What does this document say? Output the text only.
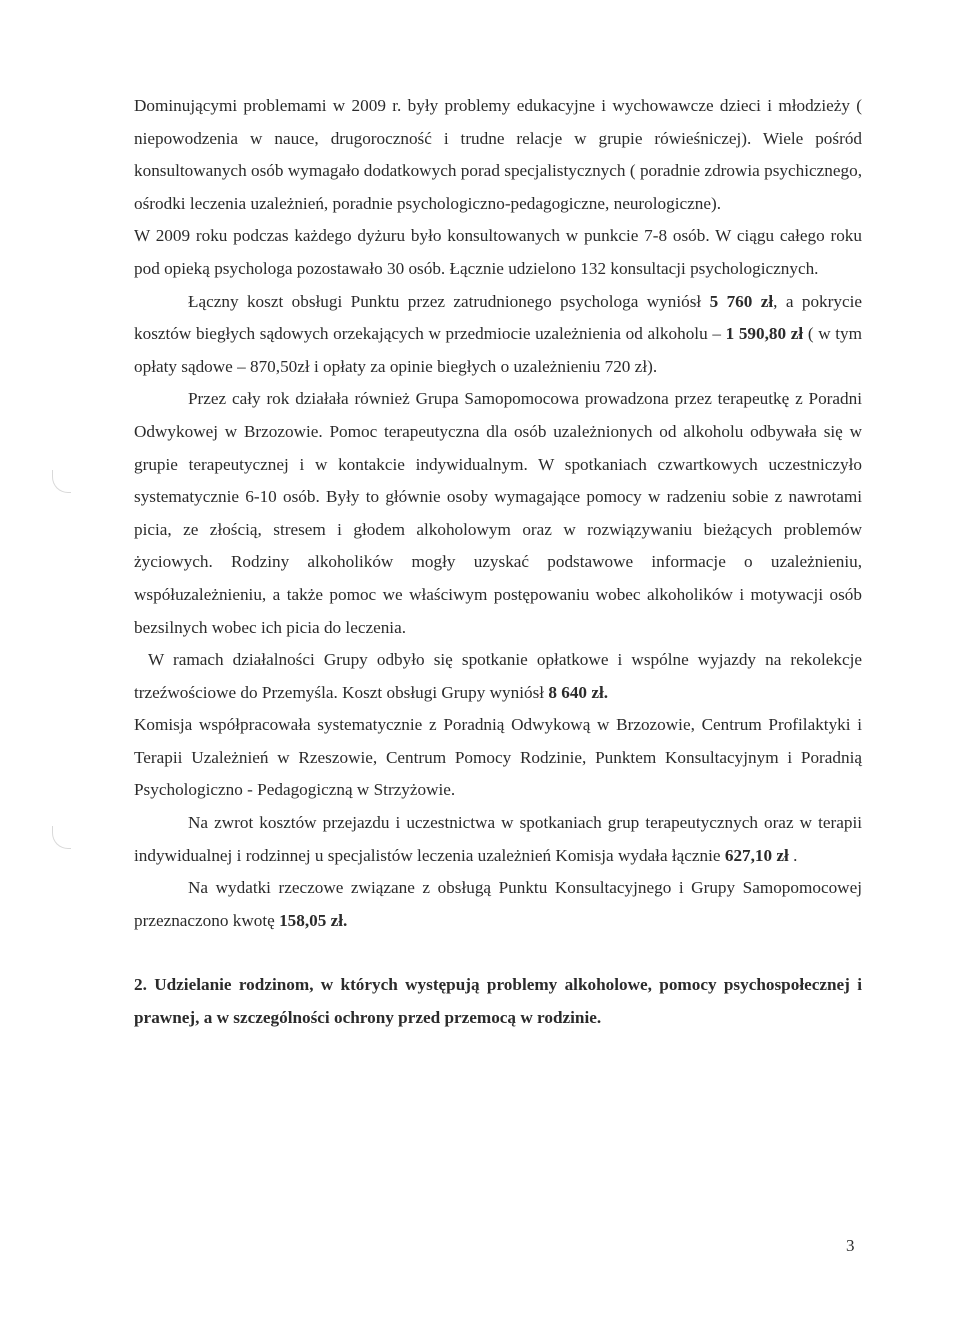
Dominującymi problemami w 2009 r. były problemy edukacyjne i wychowawcze dzieci i młodzieży ( niepowodzenia w nauce, drugoroczność i trudne relacje w grupie rówieśniczej). Wiele pośród konsultowanych osób wymagało dodatkowych porad specjalistycznych ( poradnie zdrowia psychicznego, ośrodki leczenia uzależnień, poradnie psychologiczno-pedagogiczne, neurologiczne).

W 2009 roku podczas każdego dyżuru było konsultowanych w punkcie 7-8 osób. W ciągu całego roku pod opieką psychologa pozostawało 30 osób. Łącznie udzielono 132 konsultacji psychologicznych.

Łączny koszt obsługi Punktu przez zatrudnionego psychologa wyniósł 5 760 zł, a pokrycie kosztów biegłych sądowych orzekających w przedmiocie uzależnienia od alkoholu – 1 590,80 zł ( w tym opłaty sądowe – 870,50zł i opłaty za opinie biegłych o uzależnieniu 720 zł).

Przez cały rok działała również Grupa Samopomocowa prowadzona przez terapeutkę z Poradni Odwykowej w Brzozowie. Pomoc terapeutyczna dla osób uzależnionych od alkoholu odbywała się w grupie terapeutycznej i w kontakcie indywidualnym. W spotkaniach czwartkowych uczestniczyło systematycznie 6-10 osób. Były to głównie osoby wymagające pomocy w radzeniu sobie z nawrotami picia, ze złością, stresem i głodem alkoholowym oraz w rozwiązywaniu bieżących problemów życiowych. Rodziny alkoholików mogły uzyskać podstawowe informacje o uzależnieniu, współuzależnieniu, a także pomoc we właściwym postępowaniu wobec alkoholików i motywacji osób bezsilnych wobec ich picia do leczenia.

W ramach działalności Grupy odbyło się spotkanie opłatkowe i wspólne wyjazdy na rekolekcje trzeźwościowe do Przemyśla. Koszt obsługi Grupy wyniósł 8 640 zł.

Komisja współpracowała systematycznie z Poradnią Odwykową w Brzozowie, Centrum Profilaktyki i Terapii Uzależnień w Rzeszowie, Centrum Pomocy Rodzinie, Punktem Konsultacyjnym i Poradnią Psychologiczno - Pedagogiczną w Strzyżowie.

Na zwrot kosztów przejazdu i uczestnictwa w spotkaniach grup terapeutycznych oraz w terapii indywidualnej i rodzinnej u specjalistów leczenia uzależnień Komisja wydała łącznie 627,10 zł .

Na wydatki rzeczowe związane z obsługą Punktu Konsultacyjnego i Grupy Samopomocowej przeznaczono kwotę 158,05 zł.

2. Udzielanie rodzinom, w których występują problemy alkoholowe, pomocy psychospołecznej i prawnej, a w szczególności ochrony przed przemocą w rodzinie.

3
